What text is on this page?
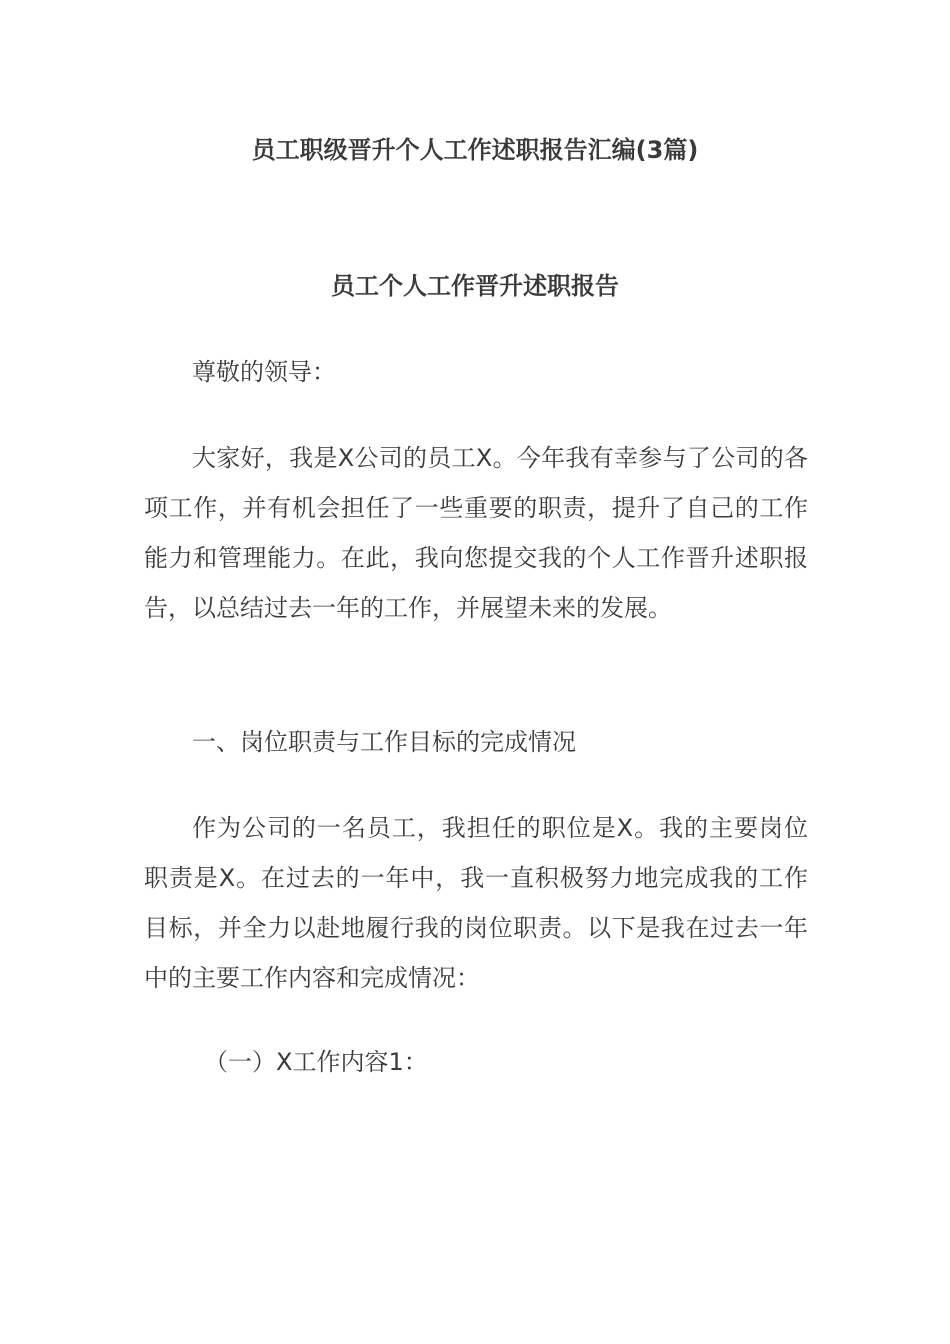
员工职级晋升个人工作述职报告汇编(3篇)
员工个人工作晋升述职报告

尊敬的领导：

大家好，我是X公司的员工X。今年我有幸参与了公司的各项工作，并有机会担任了一些重要的职责，提升了自己的工作能力和管理能力。在此，我向您提交我的个人工作晋升述职报告，以总结过去一年的工作，并展望未来的发展。

一、岗位职责与工作目标的完成情况

作为公司的一名员工，我担任的职位是X。我的主要岗位职责是X。在过去的一年中，我一直积极努力地完成我的工作目标，并全力以赴地履行我的岗位职责。以下是我在过去一年中的主要工作内容和完成情况：

（一）X工作内容1：
